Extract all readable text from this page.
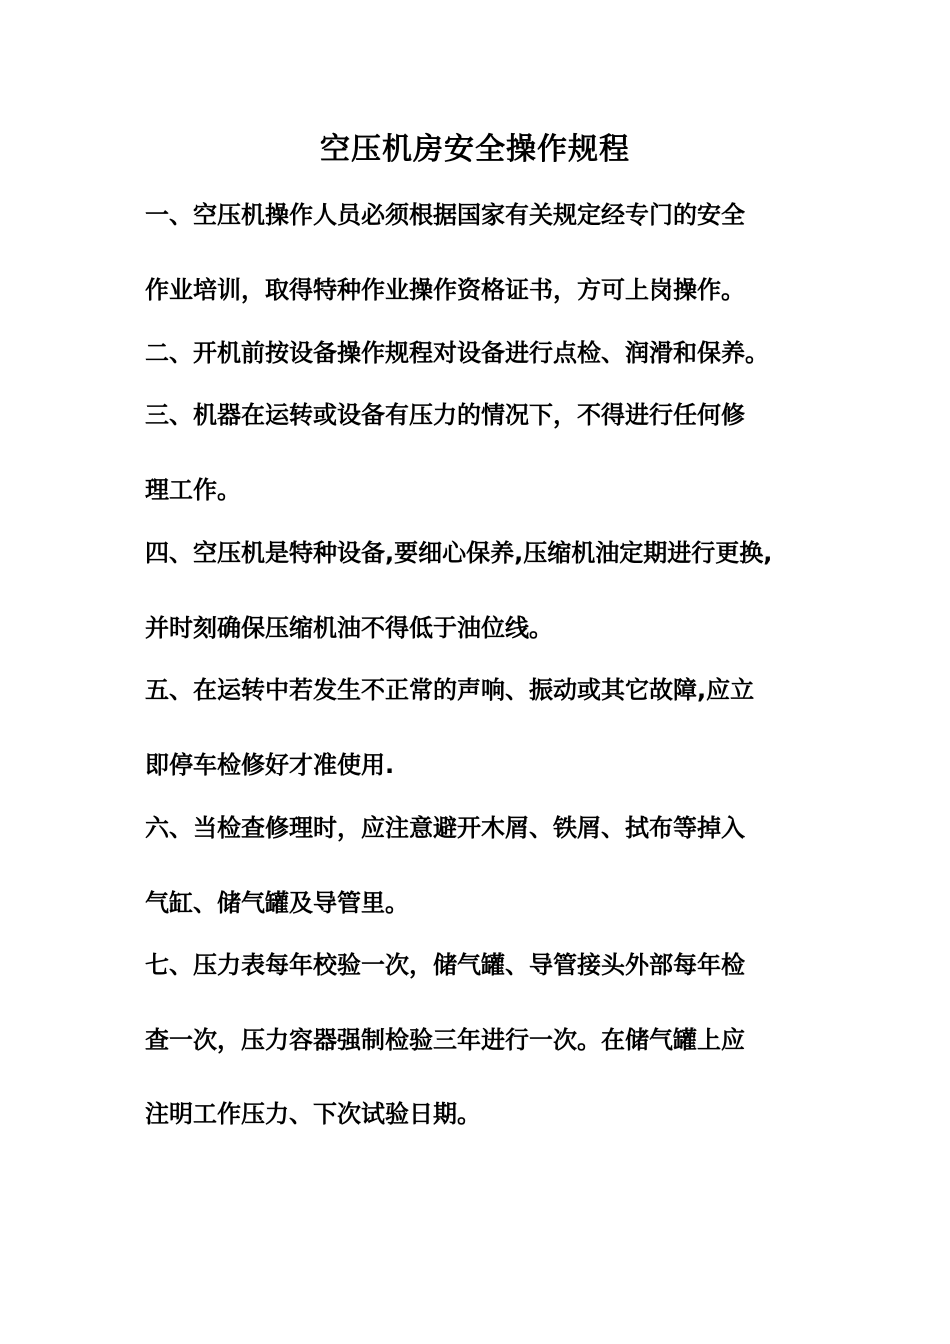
空压机房安全操作规程
一、空压机操作人员必须根据国家有关规定经专门的安全
作业培训，取得特种作业操作资格证书，方可上岗操作。
二、开机前按设备操作规程对设备进行点检、润滑和保养。
三、机器在运转或设备有压力的情况下，不得进行任何修
理工作。
四、空压机是特种设备,要细心保养,压缩机油定期进行更换,
并时刻确保压缩机油不得低于油位线。
五、在运转中若发生不正常的声响、振动或其它故障,应立
即停车检修好才准使用.
六、当检查修理时，应注意避开木屑、铁屑、拭布等掉入
气缸、储气罐及导管里。
七、压力表每年校验一次，储气罐、导管接头外部每年检
查一次，压力容器强制检验三年进行一次。在储气罐上应
注明工作压力、下次试验日期。
